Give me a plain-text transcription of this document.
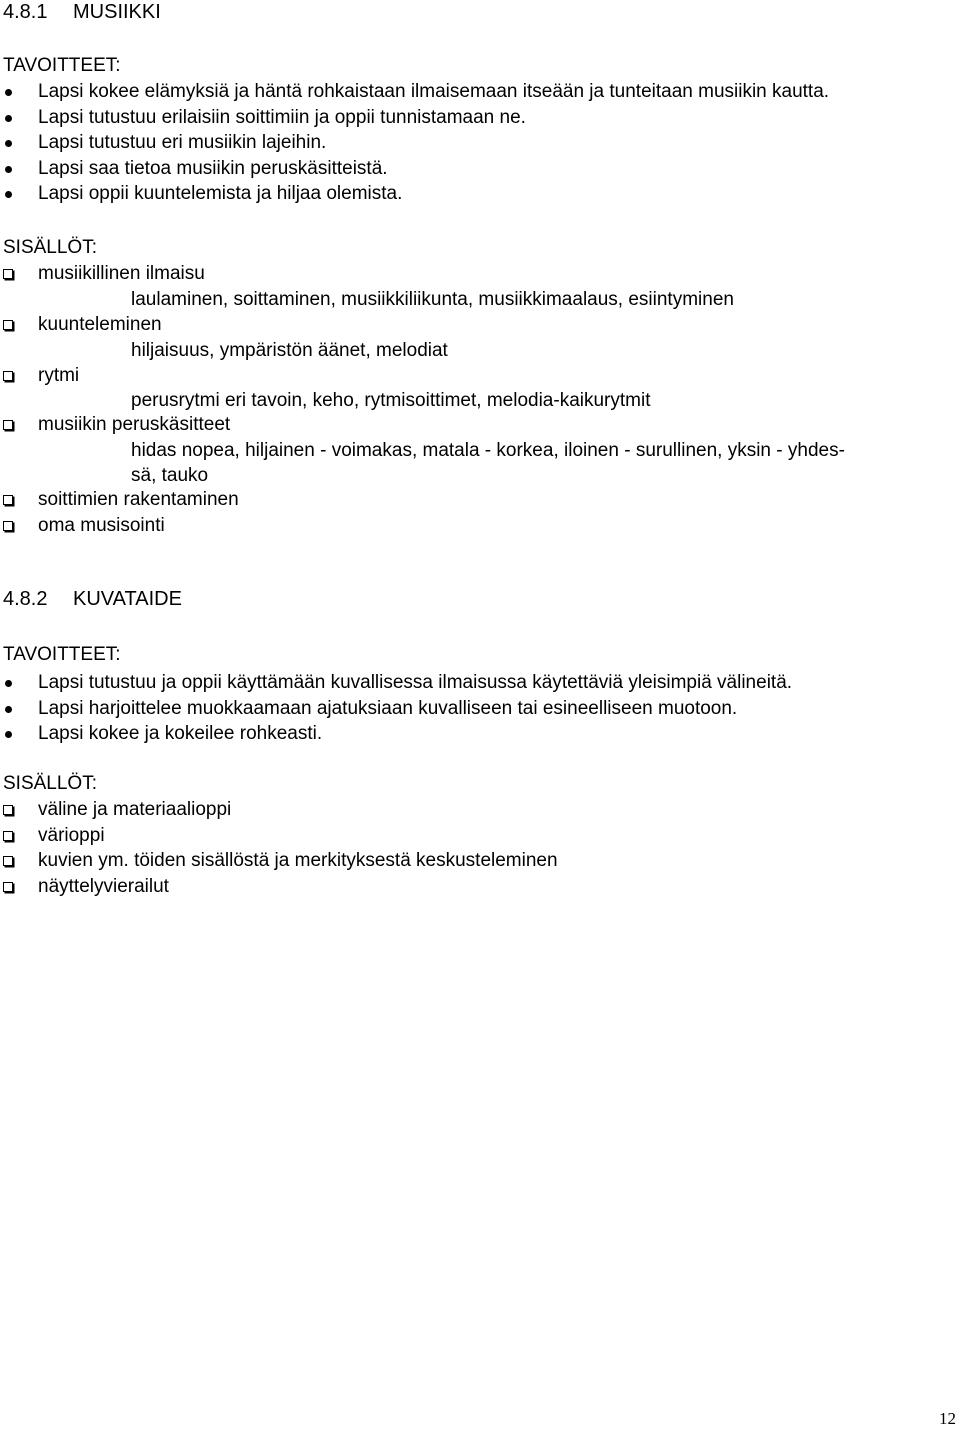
4.8.1 MUSIIKKI
TAVOITTEET:
Lapsi kokee elämyksiä ja häntä rohkaistaan ilmaisemaan itseään ja tunteitaan musiikin kautta.
Lapsi tutustuu erilaisiin soittimiin ja oppii tunnistamaan ne.
Lapsi tutustuu eri musiikin lajeihin.
Lapsi saa tietoa musiikin peruskäsitteistä.
Lapsi oppii kuuntelemista ja hiljaa olemista.
SISÄLLÖT:
musiikillinen ilmaisu
laulaminen, soittaminen, musiikkiliikunta, musiikkimaalaus, esiintyminen
kuunteleminen
hiljaisuus, ympäristön äänet, melodiat
rytmi
perusrytmi eri tavoin, keho, rytmisoittimet, melodia-kaikurytmit
musiikin peruskäsitteet
hidas nopea, hiljainen - voimakas, matala - korkea, iloinen - surullinen, yksin - yhdes-
sä, tauko
soittimien rakentaminen
oma musisointi
4.8.2 KUVATAIDE
TAVOITTEET:
Lapsi tutustuu ja oppii käyttämään kuvallisessa ilmaisussa käytettäviä yleisimpiä välineitä.
Lapsi harjoittelee muokkaamaan ajatuksiaan kuvalliseen tai esineelliseen muotoon.
Lapsi kokee ja kokeilee rohkeasti.
SISÄLLÖT:
väline ja materiaalioppi
värioppi
kuvien ym. töiden sisällöstä ja merkityksestä keskusteleminen
näyttelyvierailut
12
